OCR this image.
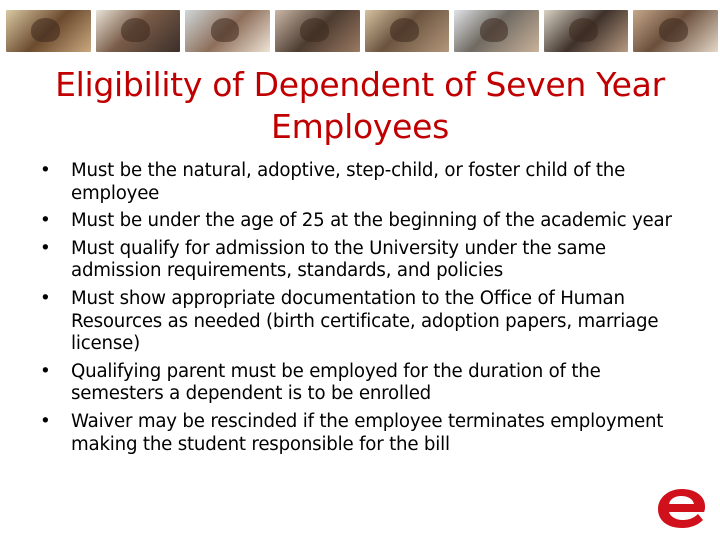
Eligibility of Dependent of Seven Year Employees
• Must be the natural, adoptive, step-child, or foster child of the employee
• Must be under the age of 25 at the beginning of the academic year
• Must qualify for admission to the University under the same admission requirements, standards, and policies
• Must show appropriate documentation to the Office of Human Resources as needed (birth certificate, adoption papers, marriage license)
• Qualifying parent must be employed for the duration of the semesters a dependent is to be enrolled
• Waiver may be rescinded if the employee terminates employment making the student responsible for the bill
